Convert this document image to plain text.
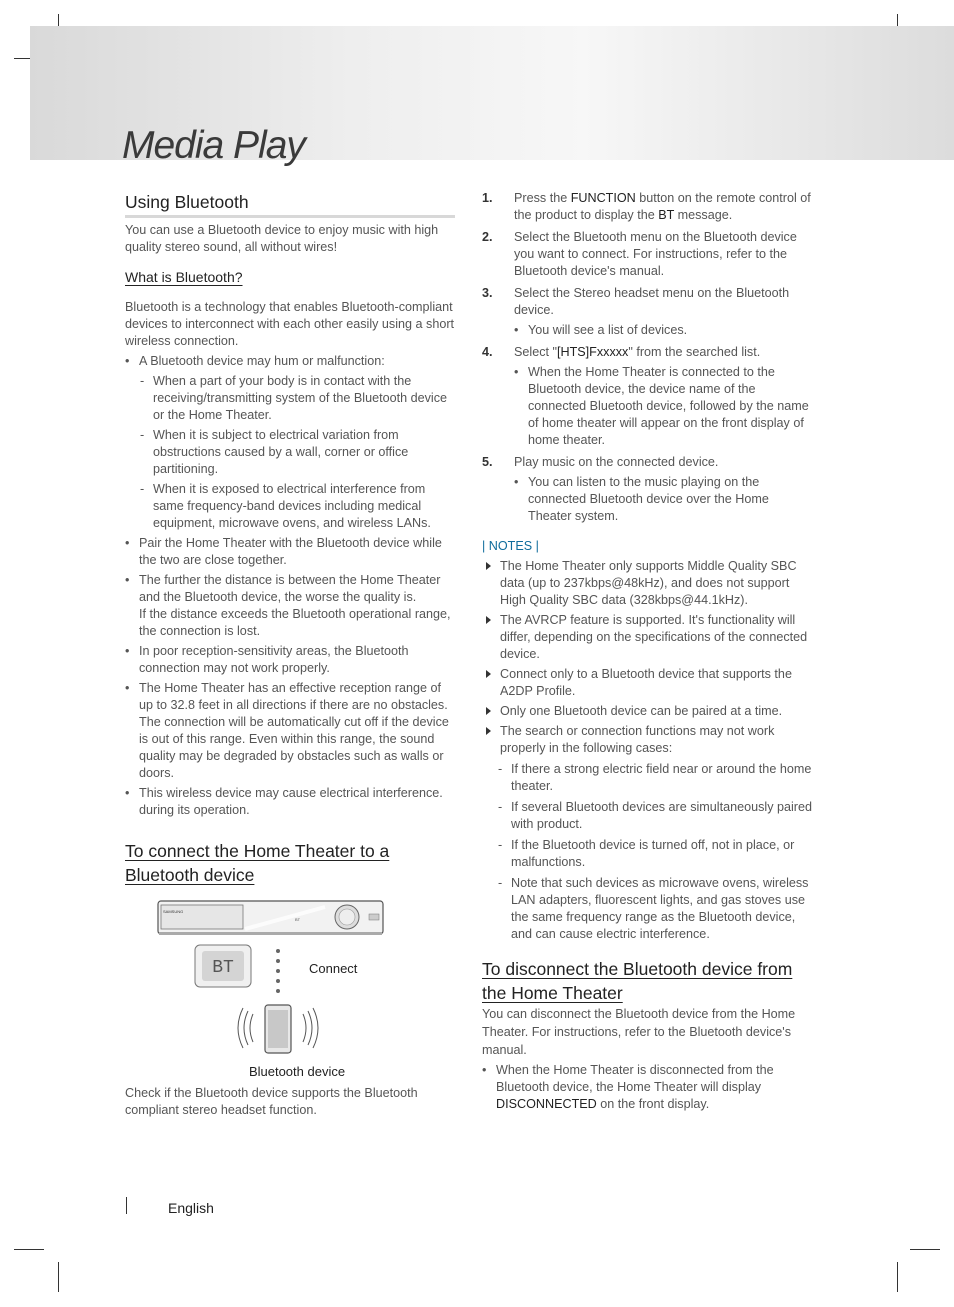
Media Play
Using Bluetooth

You can use a Bluetooth device to enjoy music with high quality stereo sound, all without wires!

What is Bluetooth?

Bluetooth is a technology that enables Bluetooth-compliant devices to interconnect with each other easily using a short wireless connection.

• A Bluetooth device may hum or malfunction:
- When a part of your body is in contact with the receiving/transmitting system of the Bluetooth device or the Home Theater.
- When it is subject to electrical variation from obstructions caused by a wall, corner or office partitioning.
- When it is exposed to electrical interference from same frequency-band devices including medical equipment, microwave ovens, and wireless LANs.
• Pair the Home Theater with the Bluetooth device while the two are close together.
• The further the distance is between the Home Theater and the Bluetooth device, the worse the quality is.
If the distance exceeds the Bluetooth operational range, the connection is lost.
• In poor reception-sensitivity areas, the Bluetooth connection may not work properly.
• The Home Theater has an effective reception range of up to 32.8 feet in all directions if there are no obstacles. The connection will be automatically cut off if the device is out of this range. Even within this range, the sound quality may be degraded by obstacles such as walls or doors.
• This wireless device may cause electrical interference. during its operation.
To connect the Home Theater to a
Bluetooth device
SAMSUNG
BT
BT	Connect
Bluetooth device

Check if the Bluetooth device supports the Bluetooth compliant stereo headset function.

1. Press the FUNCTION button on the remote control of the product to display the BT message.
2. Select the Bluetooth menu on the Bluetooth device you want to connect. For instructions, refer to the Bluetooth device's manual.
3. Select the Stereo headset menu on the Bluetooth device.
• You will see a list of devices.
4. Select "[HTS]Fxxxxx" from the searched list.
• When the Home Theater is connected to the Bluetooth device, the device name of the connected Bluetooth device, followed by the name of home theater will appear on the front display of home theater.
5. Play music on the connected device.
• You can listen to the music playing on the connected Bluetooth device over the Home Theater system.
| NOTES |
The Home Theater only supports Middle Quality SBC data (up to 237kbps@48kHz), and does not support High Quality SBC data (328kbps@44.1kHz).
The AVRCP feature is supported. It's functionality will differ, depending on the specifications of the connected device.
Connect only to a Bluetooth device that supports the A2DP Profile.
Only one Bluetooth device can be paired at a time.
The search or connection functions may not work properly in the following cases:
- If there a strong electric field near or around the home theater.
- If several Bluetooth devices are simultaneously paired with product.
- If the Bluetooth device is turned off, not in place, or malfunctions.
- Note that such devices as microwave ovens, wireless LAN adapters, fluorescent lights, and gas stoves use the same frequency range as the Bluetooth device, and can cause electric interference.
To disconnect the Bluetooth device from
the Home Theater

You can disconnect the Bluetooth device from the Home Theater. For instructions, refer to the Bluetooth device's manual.

• When the Home Theater is disconnected from the Bluetooth device, the Home Theater will display DISCONNECTED on the front display.
English
